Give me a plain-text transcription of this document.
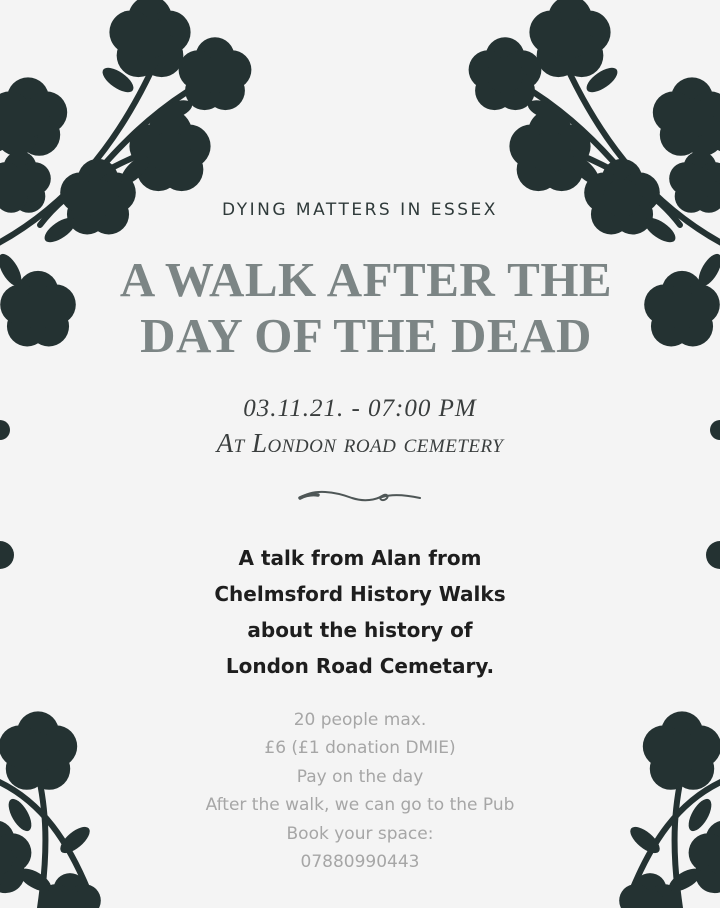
DYING MATTERS IN ESSEX

A WALK AFTER THE
DAY OF THE DEAD

03.11.21. - 07:00 PM

At London road cemetery

A talk from Alan from
Chelmsford History Walks
about the history of
London Road Cemetary.

20 people max.
£6 (£1 donation DMIE)
Pay on the day
After the walk, we can go to the Pub
Book your space:
07880990443
